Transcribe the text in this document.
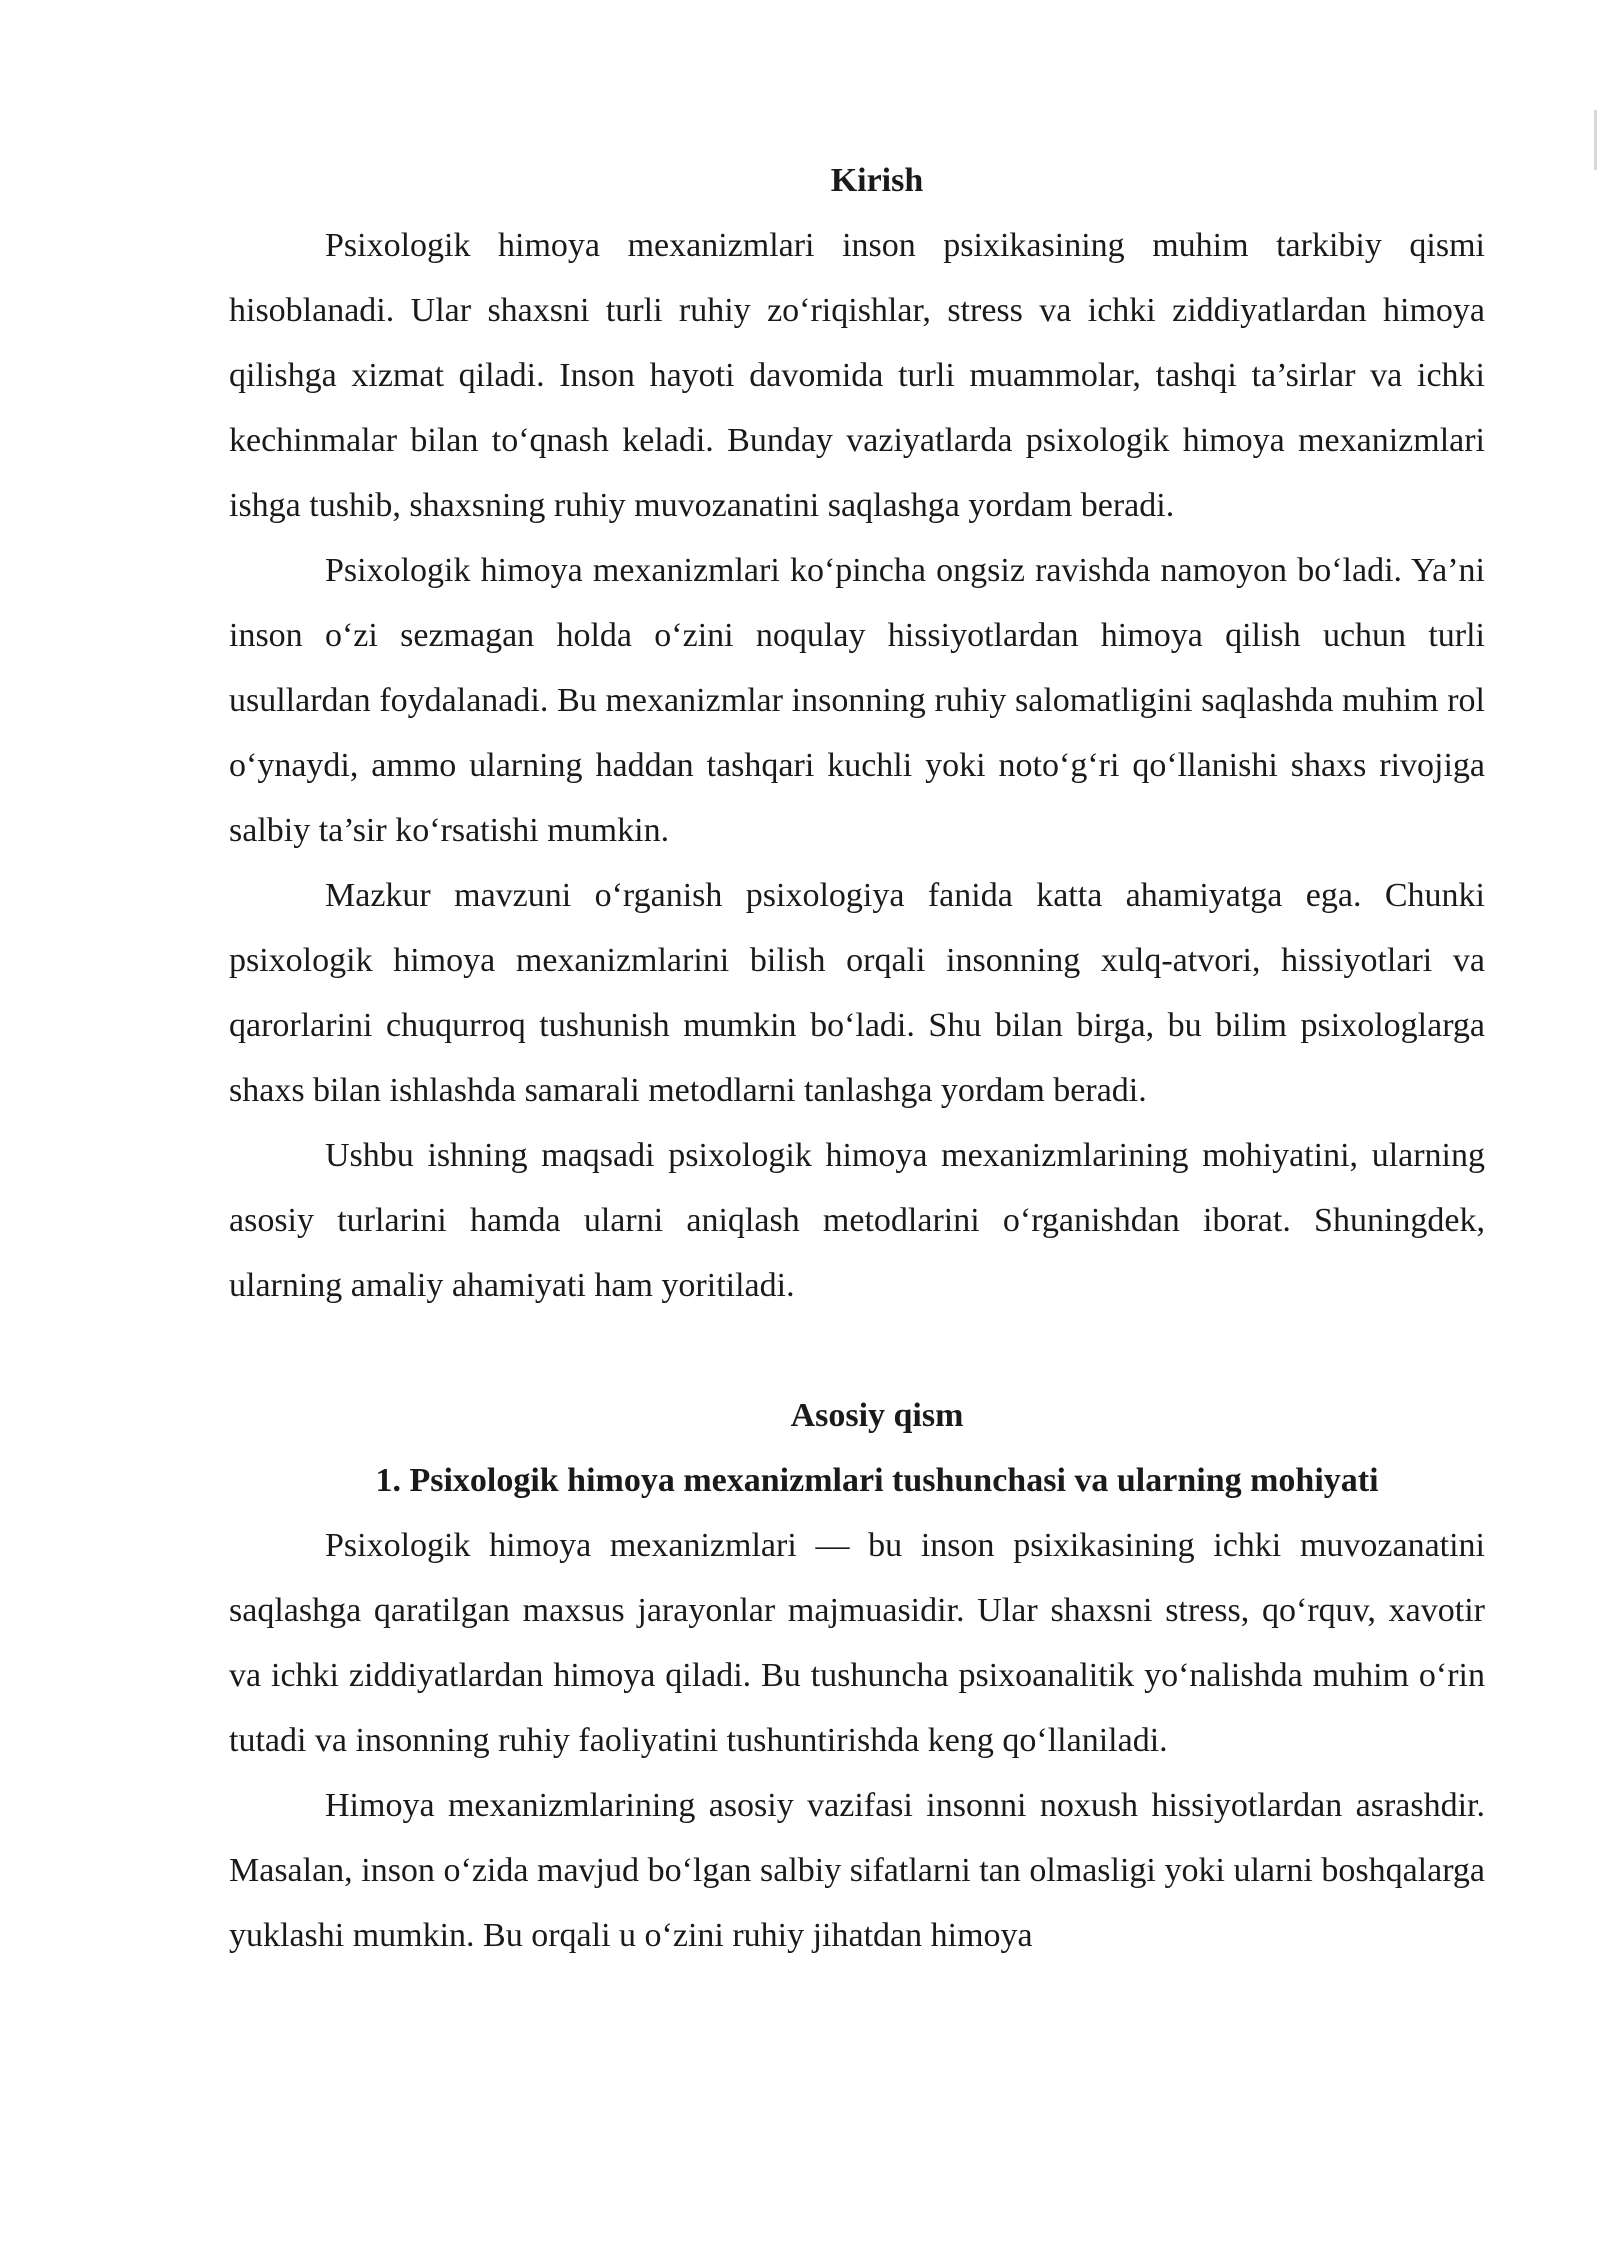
Kirish

Psixologik himoya mexanizmlari inson psixikasining muhim tarkibiy qismi hisoblanadi. Ular shaxsni turli ruhiy zo‘riqishlar, stress va ichki ziddiyatlardan himoya qilishga xizmat qiladi. Inson hayoti davomida turli muammolar, tashqi ta’sirlar va ichki kechinmalar bilan to‘qnash keladi. Bunday vaziyatlarda psixologik himoya mexanizmlari ishga tushib, shaxsning ruhiy muvozanatini saqlashga yordam beradi.

Psixologik himoya mexanizmlari ko‘pincha ongsiz ravishda namoyon bo‘ladi. Ya’ni inson o‘zi sezmagan holda o‘zini noqulay hissiyotlardan himoya qilish uchun turli usullardan foydalanadi. Bu mexanizmlar insonning ruhiy salomatligini saqlashda muhim rol o‘ynaydi, ammo ularning haddan tashqari kuchli yoki noto‘g‘ri qo‘llanishi shaxs rivojiga salbiy ta’sir ko‘rsatishi mumkin.

Mazkur mavzuni o‘rganish psixologiya fanida katta ahamiyatga ega. Chunki psixologik himoya mexanizmlarini bilish orqali insonning xulq-atvori, hissiyotlari va qarorlarini chuqurroq tushunish mumkin bo‘ladi. Shu bilan birga, bu bilim psixologlarga shaxs bilan ishlashda samarali metodlarni tanlashga yordam beradi.

Ushbu ishning maqsadi psixologik himoya mexanizmlarining mohiyatini, ularning asosiy turlarini hamda ularni aniqlash metodlarini o‘rganishdan iborat. Shuningdek, ularning amaliy ahamiyati ham yoritiladi.

Asosiy qism
1. Psixologik himoya mexanizmlari tushunchasi va ularning mohiyati

Psixologik himoya mexanizmlari — bu inson psixikasining ichki muvozanatini saqlashga qaratilgan maxsus jarayonlar majmuasidir. Ular shaxsni stress, qo‘rquv, xavotir va ichki ziddiyatlardan himoya qiladi. Bu tushuncha psixoanalitik yo‘nalishda muhim o‘rin tutadi va insonning ruhiy faoliyatini tushuntirishda keng qo‘llaniladi.

Himoya mexanizmlarining asosiy vazifasi insonni noxush hissiyotlardan asrashdir. Masalan, inson o‘zida mavjud bo‘lgan salbiy sifatlarni tan olmasligi yoki ularni boshqalarga yuklashi mumkin. Bu orqali u o‘zini ruhiy jihatdan himoya
